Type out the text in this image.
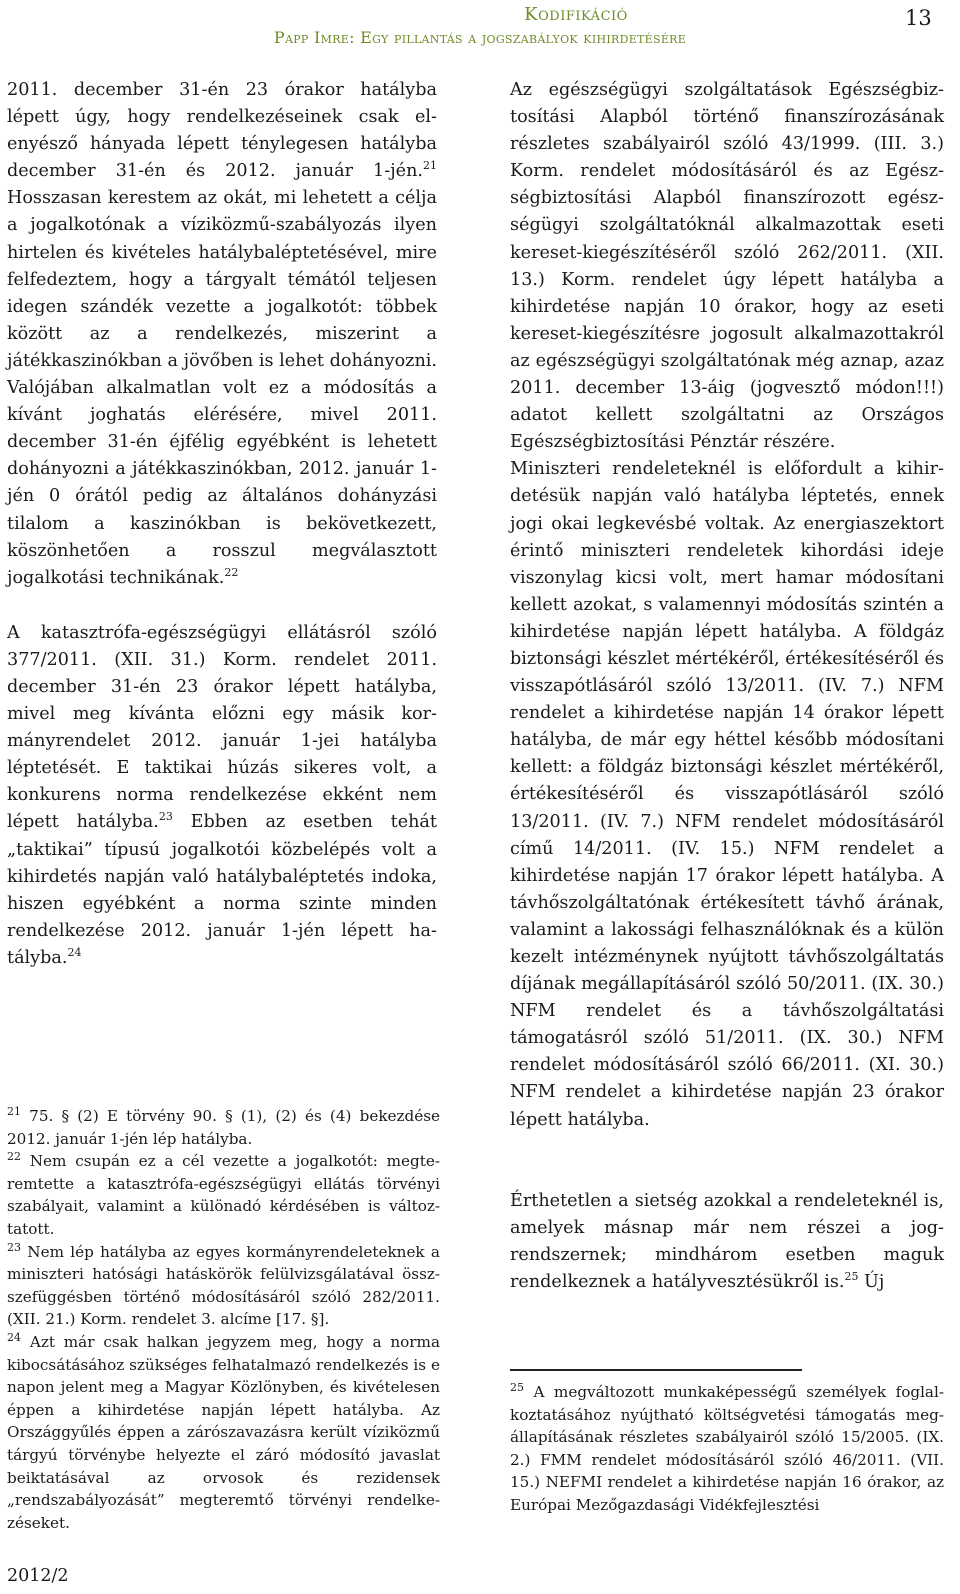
Kodifikáció
Papp Imre: Egy pillantás a jogszabályok kihirdetésére
13

2011. december 31-én 23 órakor hatályba lépett úgy, hogy rendelkezéseinek csak elenyésző hányada lépett ténylegesen hatályba december 31-én és 2012. január 1-jén.$^{21}$ Hosszasan kerestem az okát, mi lehetett a célja a jogalkotónak a víziközmű-szabályozás ilyen hirtelen és kivételes hatálybaléptetésével, mire felfedeztem, hogy a tárgyalt témától teljesen idegen szándék vezette a jogalkotót: többek között az a rendelkezés, miszerint a játékkaszinókban a jövőben is lehet dohányozni. Valójában alkalmatlan volt ez a módosítás a kívánt joghatás elérésére, mivel 2011. december 31-én éjfélig egyébként is lehetett dohányozni a játékkaszinókban, 2012. január 1-jén 0 órától pedig az általános dohányzási tilalom a kaszinókban is bekövetkezett, köszönhetően a rosszul megválasztott jogalkotási technikának.$^{22}$

A katasztrófa-egészségügyi ellátásról szóló 377/2011. (XII. 31.) Korm. rendelet 2011. december 31-én 23 órakor lépett hatályba, mivel meg kívánta előzni egy másik kormányrendelet 2012. január 1-jei hatályba léptetését. E taktikai húzás sikeres volt, a konkurens norma rendelkezése ekként nem lépett hatályba.$^{23}$ Ebben az esetben tehát „taktikai” típusú jogalkotói közbelépés volt a kihirdetés napján való hatálybaléptetés indoka, hiszen egyébként a norma szinte minden rendelkezése 2012. január 1-jén lépett hatályba.$^{24}$

Az egészségügyi szolgáltatások Egészségbiztosítási Alapból történő finanszírozásának részletes szabályairól szóló 43/1999. (III. 3.) Korm. rendelet módosításáról és az Egészségbiztosítási Alapból finanszírozott egészségügyi szolgáltatóknál alkalmazottak eseti kereset-kiegészítéséről szóló 262/2011. (XII. 13.) Korm. rendelet úgy lépett hatályba a kihirdetése napján 10 órakor, hogy az eseti kereset-kiegészítésre jogosult alkalmazottakról az egészségügyi szolgáltatónak még aznap, azaz 2011. december 13-áig (jogvesztő módon!!!) adatot kellett szolgáltatni az Országos Egészségbiztosítási Pénztár részére.

Miniszteri rendeleteknél is előfordult a kihirdetésük napján való hatályba léptetés, ennek jogi okai legkevésbé voltak. Az energiaszektort érintő miniszteri rendeletek kihordási ideje viszonylag kicsi volt, mert hamar módosítani kellett azokat, s valamennyi módosítás szintén a kihirdetése napján lépett hatályba. A földgáz biztonsági készlet mértékéről, értékesítéséről és visszapótlásáról szóló 13/2011. (IV. 7.) NFM rendelet a kihirdetése napján 14 órakor lépett hatályba, de már egy héttel később módosítani kellett: a földgáz biztonsági készlet mértékéről, értékesítéséről és visszapótlásáról szóló 13/2011. (IV. 7.) NFM rendelet módosításáról című 14/2011. (IV. 15.) NFM rendelet a kihirdetése napján 17 órakor lépett hatályba. A távhőszolgáltatónak értékesített távhő árának, valamint a lakossági felhasználóknak és a külön kezelt intézménynek nyújtott távhőszolgáltatás díjának megállapításáról szóló 50/2011. (IX. 30.) NFM rendelet és a távhőszolgáltatási támogatásról szóló 51/2011. (IX. 30.) NFM rendelet módosításáról szóló 66/2011. (XI. 30.) NFM rendelet a kihirdetése napján 23 órakor lépett hatályba.

Érthetetlen a sietség azokkal a rendeleteknél is, amelyek másnap már nem részei a jogrendszernek; mindhárom esetben maguk rendelkeznek a hatályvesztésükről is.$^{25}$ Új

$^{21}$ 75. § (2) E törvény 90. § (1), (2) és (4) bekezdése 2012. január 1-jén lép hatályba.

$^{22}$ Nem csupán ez a cél vezette a jogalkotót: megteremtette a katasztrófa-egészségügyi ellátás törvényi szabályait, valamint a különadó kérdésében is változtatott.

$^{23}$ Nem lép hatályba az egyes kormányrendeleteknek a miniszteri hatósági hatáskörök felülvizsgálatával összszefüggésben történő módosításáról szóló 282/2011. (XII. 21.) Korm. rendelet 3. alcíme [17. §].

$^{24}$ Azt már csak halkan jegyzem meg, hogy a norma kibocsátásához szükséges felhatalmazó rendelkezés is e napon jelent meg a Magyar Közlönyben, és kivételesen éppen a kihirdetése napján lépett hatályba. Az Országgyűlés éppen a zárószavazásra került víziközmű tárgyú törvénybe helyezte el záró módosító javaslat beiktatásával az orvosok és rezidensek „rendszabályozását” megteremtő törvényi rendelkezéseket.

$^{25}$ A megváltozott munkaképességű személyek foglalkoztatásához nyújtható költségvetési támogatás megállapításának részletes szabályairól szóló 15/2005. (IX. 2.) FMM rendelet módosításáról szóló 46/2011. (VII. 15.) NEFMI rendelet a kihirdetése napján 16 órakor, az Európai Mezőgazdasági Vidékfejlesztési

2012/2
